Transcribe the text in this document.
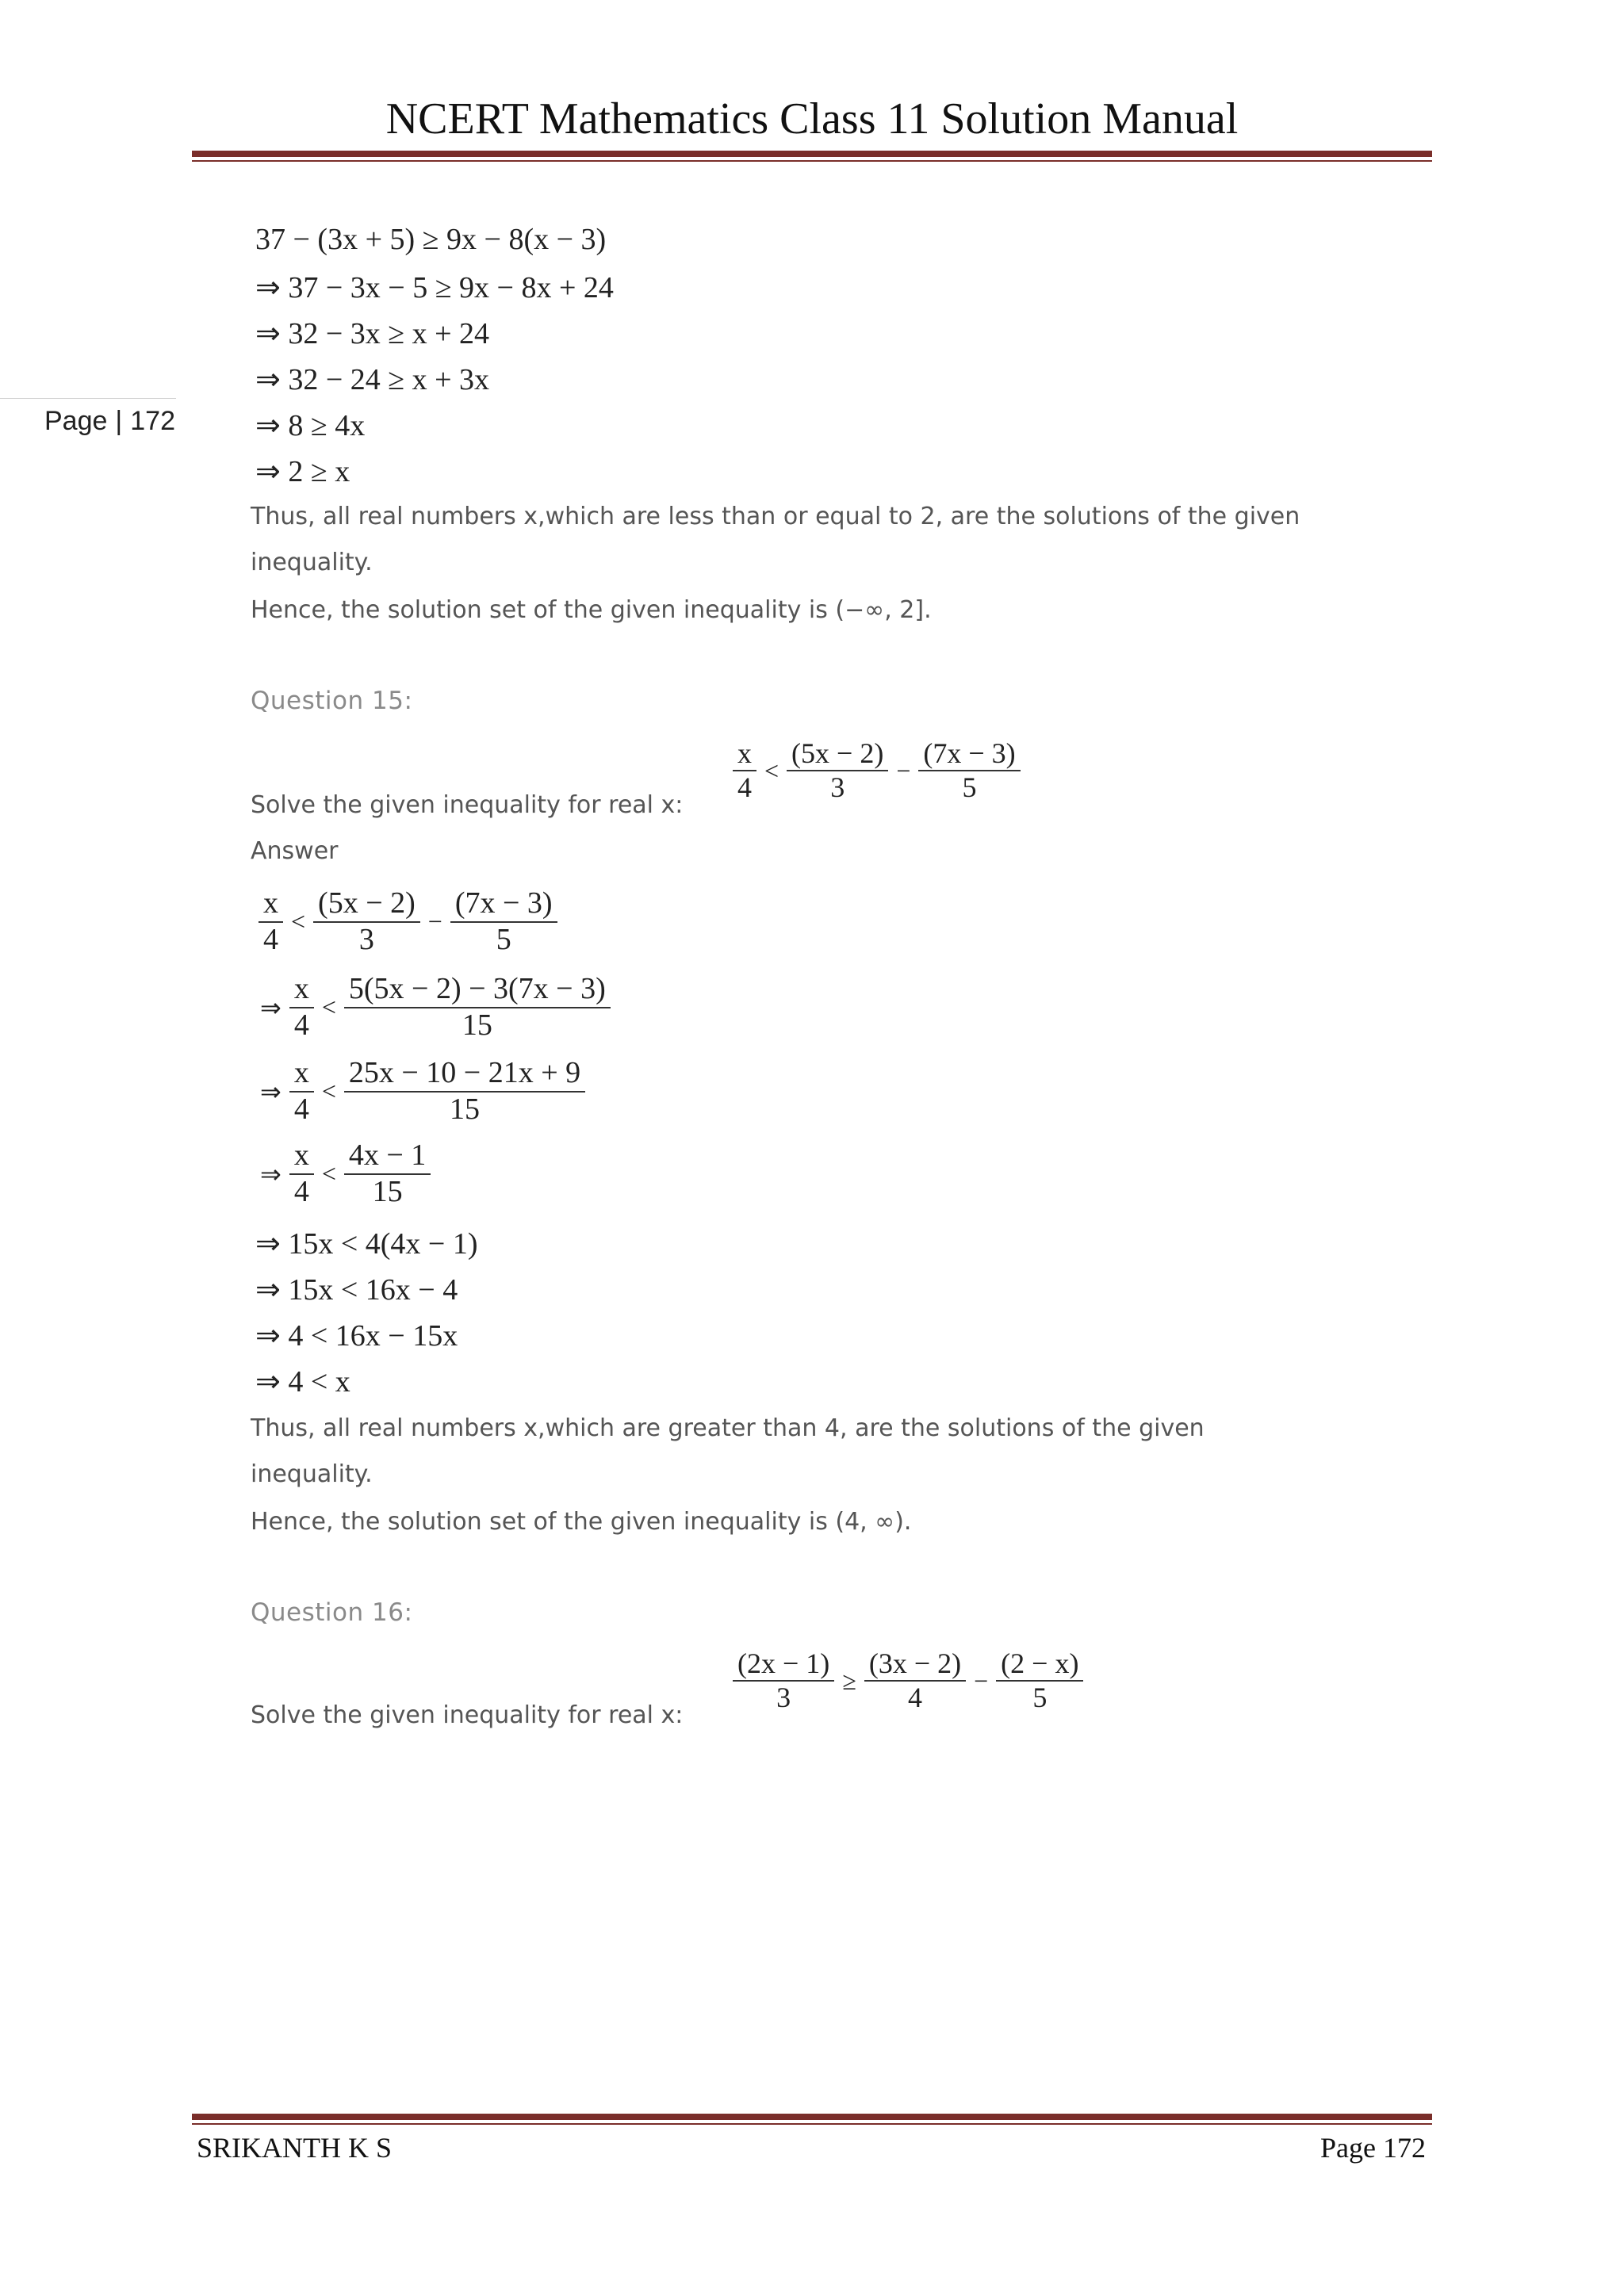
NCERT Mathematics Class 11 Solution Manual
Page | 172
37 − (3x + 5) ≥ 9x − 8(x − 3)
⇒ 37 − 3x − 5 ≥ 9x − 8x + 24
⇒ 32 − 3x ≥ x + 24
⇒ 32 − 24 ≥ x + 3x
⇒ 8 ≥ 4x
⇒ 2 ≥ x
Thus, all real numbers x,which are less than or equal to 2, are the solutions of the given
inequality.
Hence, the solution set of the given inequality is (−∞, 2].
Question 15:
Solve the given inequality for real x:
$\frac{x}{4} < \frac{(5x - 2)}{3} - \frac{(7x - 3)}{5}$
Answer
$\frac{x}{4} < \frac{(5x - 2)}{3} - \frac{(7x - 3)}{5}$
⇒ $\frac{x}{4} < \frac{5(5x - 2) - 3(7x - 3)}{15}$
⇒ $\frac{x}{4} < \frac{25x - 10 - 21x + 9}{15}$
⇒ $\frac{x}{4} < \frac{4x - 1}{15}$
⇒ 15x < 4(4x − 1)
⇒ 15x < 16x − 4
⇒ 4 < 16x − 15x
⇒ 4 < x
Thus, all real numbers x,which are greater than 4, are the solutions of the given
inequality.
Hence, the solution set of the given inequality is (4, ∞).
Question 16:
Solve the given inequality for real x:
$\frac{(2x - 1)}{3} \ge \frac{(3x - 2)}{4} - \frac{(2 - x)}{5}$
SRIKANTH K S	Page 172
